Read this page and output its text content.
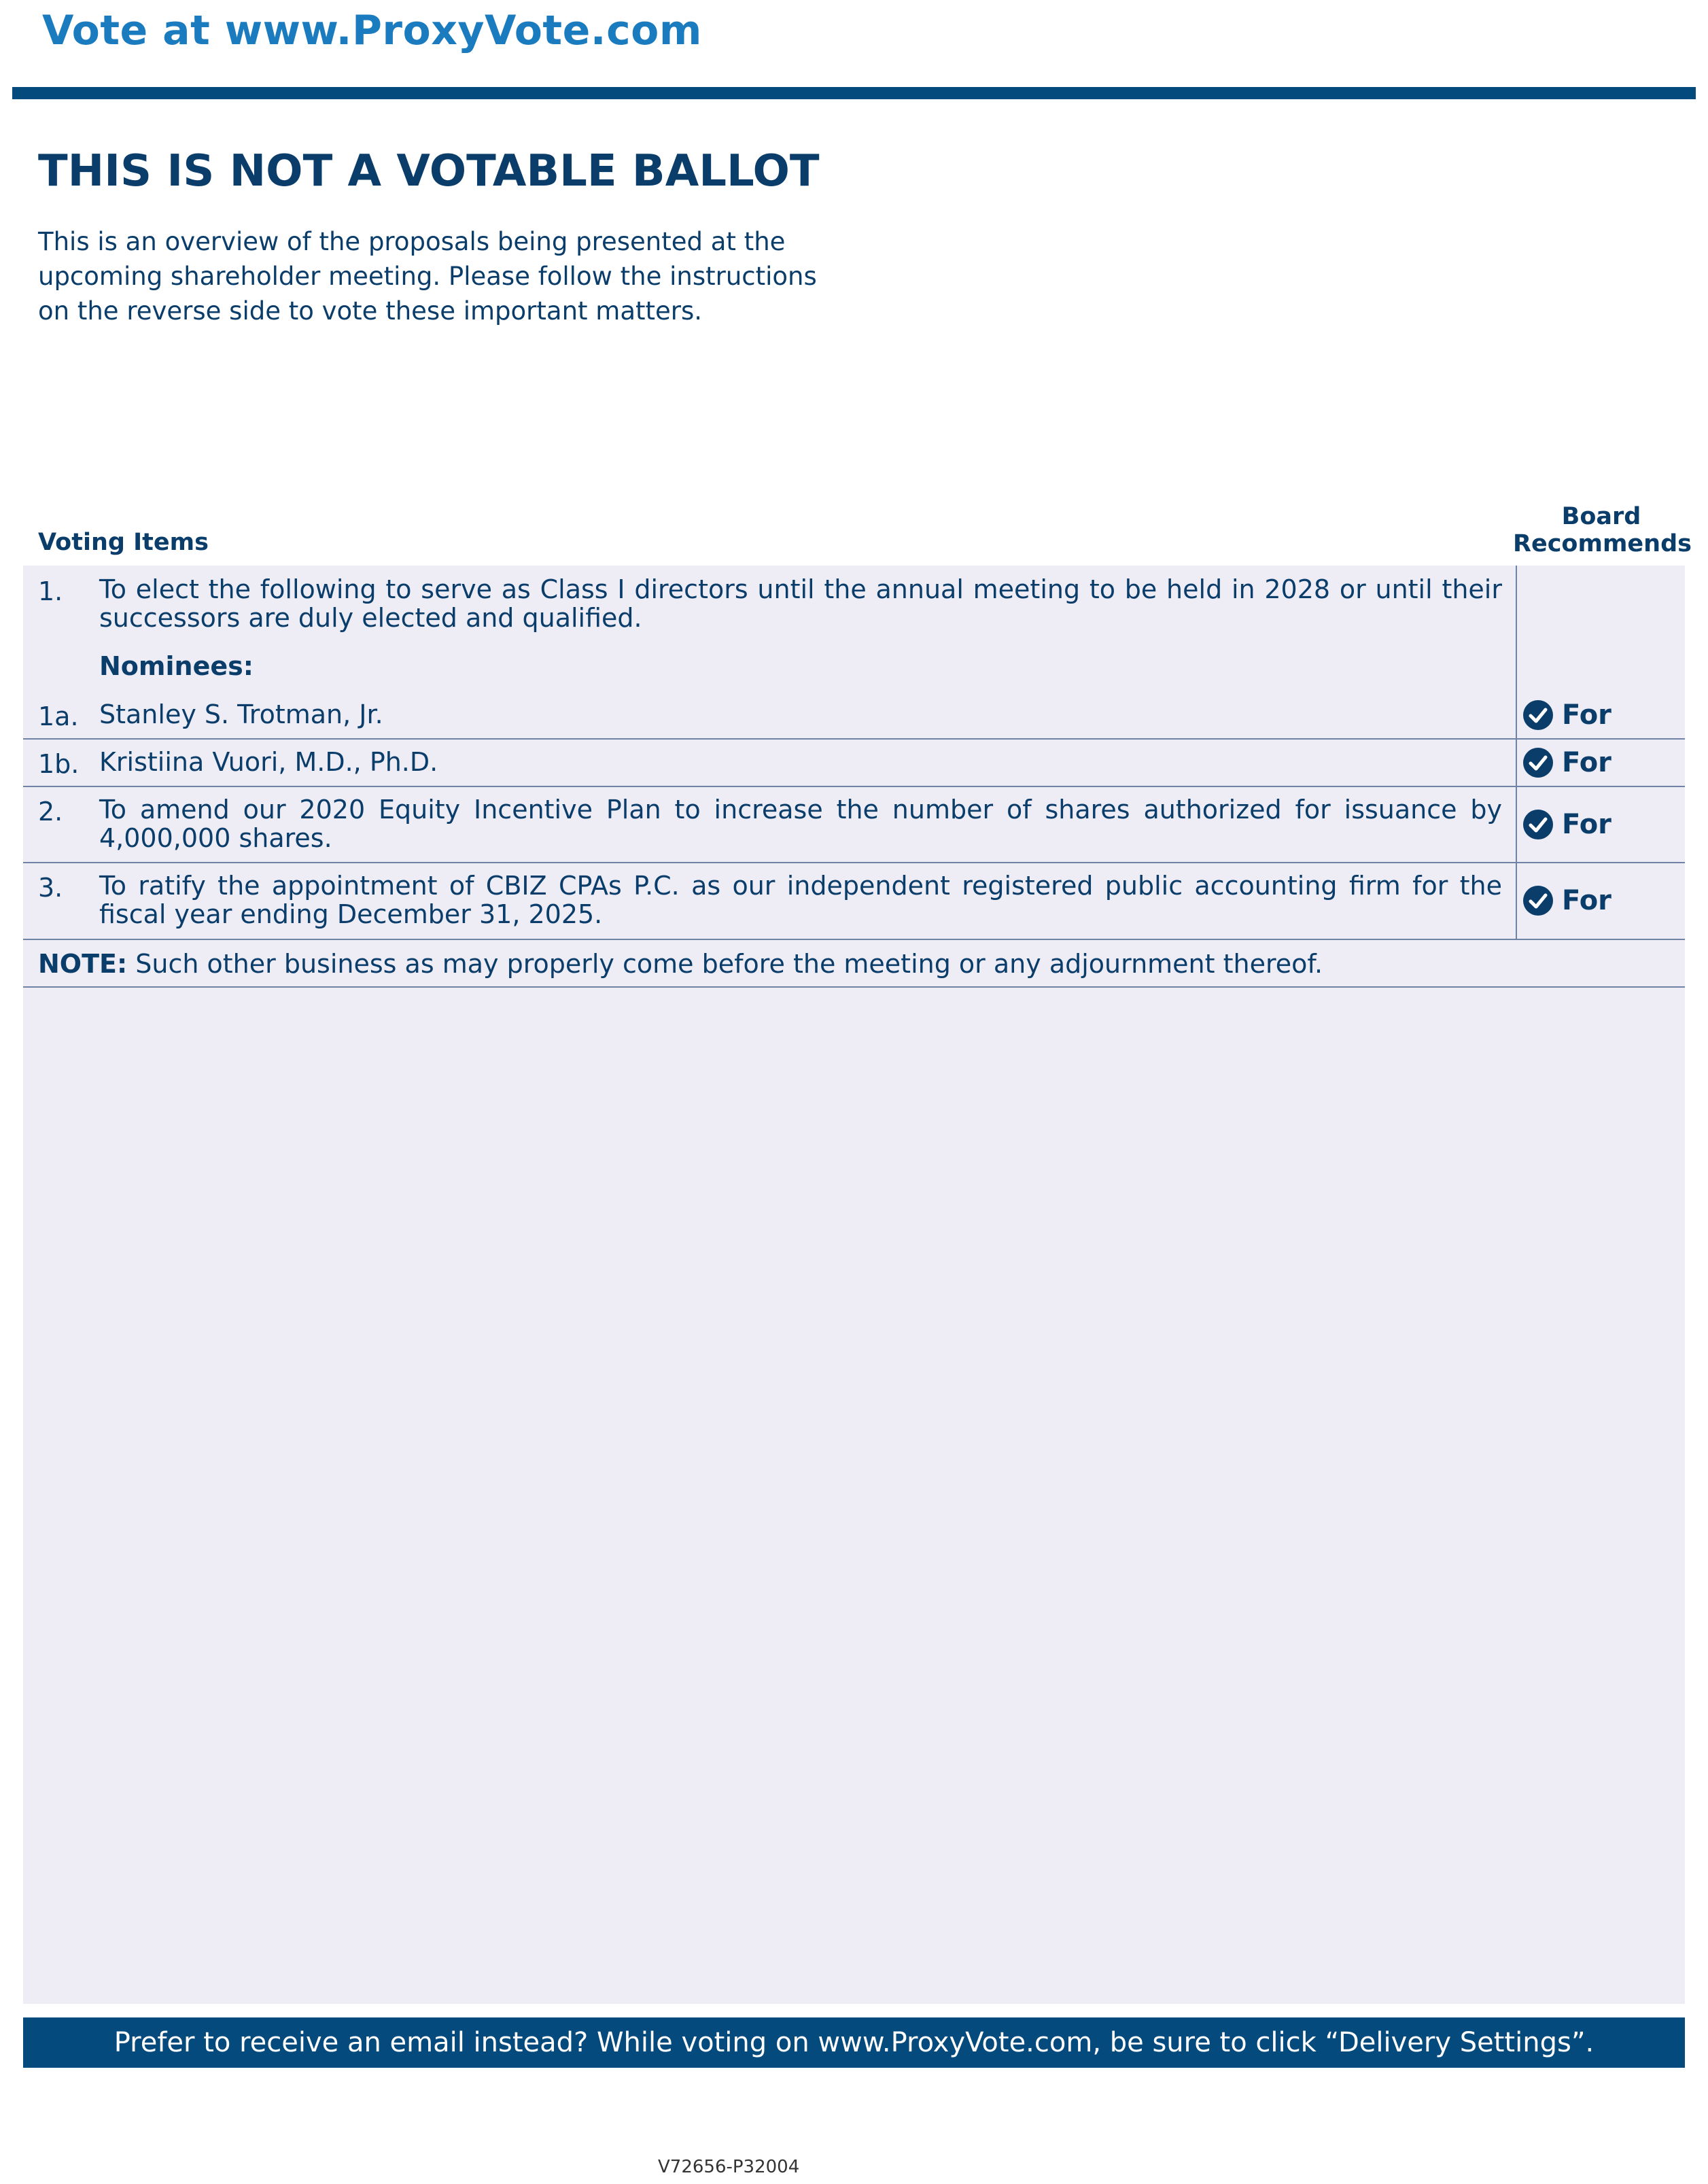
Vote at www.ProxyVote.com
THIS IS NOT A VOTABLE BALLOT
This is an overview of the proposals being presented at the upcoming shareholder meeting. Please follow the instructions on the reverse side to vote these important matters.
Voting Items
Board
Recommends
1. To elect the following to serve as Class I directors until the annual meeting to be held in 2028 or until their successors are duly elected and qualified.
Nominees:
1a. Stanley S. Trotman, Jr.	For
1b. Kristiina Vuori, M.D., Ph.D.	For
2. To amend our 2020 Equity Incentive Plan to increase the number of shares authorized for issuance by 4,000,000 shares.	For
3. To ratify the appointment of CBIZ CPAs P.C. as our independent registered public accounting firm for the fiscal year ending December 31, 2025.	For
NOTE: Such other business as may properly come before the meeting or any adjournment thereof.
Prefer to receive an email instead? While voting on www.ProxyVote.com, be sure to click “Delivery Settings”.
V72656-P32004
